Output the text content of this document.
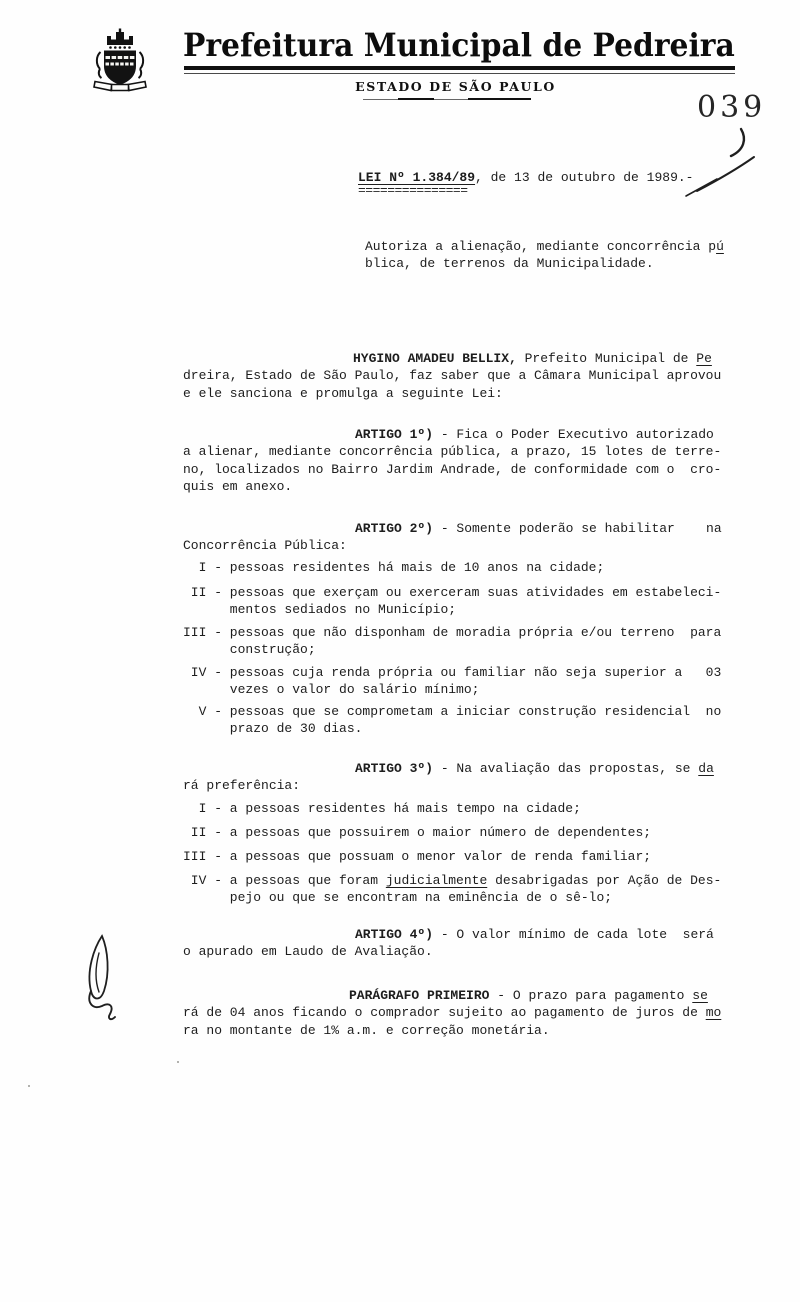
Prefeitura Municipal de Pedreira
ESTADO DE SÃO PAULO
039
LEI Nº 1.384/89, de 13 de outubro de 1989.-
===============
Autoriza a alienação, mediante concorrência pú
blica, de terrenos da Municipalidade.
HYGINO AMADEU BELLIX, Prefeito Municipal de Pe
dreira, Estado de São Paulo, faz saber que a Câmara Municipal aprovou
e ele sanciona e promulga a seguinte Lei:
ARTIGO 1º) - Fica o Poder Executivo autorizado
a alienar, mediante concorrência pública, a prazo, 15 lotes de terre-
no, localizados no Bairro Jardim Andrade, de conformidade com o  cro-
quis em anexo.
ARTIGO 2º) - Somente poderão se habilitar    na
Concorrência Pública:
I - pessoas residentes há mais de 10 anos na cidade;
II - pessoas que exerçam ou exerceram suas atividades em estabeleci-
mentos sediados no Município;
III - pessoas que não disponham de moradia própria e/ou terreno  para
construção;
IV - pessoas cuja renda própria ou familiar não seja superior a   03
vezes o valor do salário mínimo;
V - pessoas que se comprometam a iniciar construção residencial  no
prazo de 30 dias.
ARTIGO 3º) - Na avaliação das propostas, se da
rá preferência:
I - a pessoas residentes há mais tempo na cidade;
II - a pessoas que possuirem o maior número de dependentes;
III - a pessoas que possuam o menor valor de renda familiar;
IV - a pessoas que foram judicialmente desabrigadas por Ação de Des-
pejo ou que se encontram na eminência de o sê-lo;
ARTIGO 4º) - O valor mínimo de cada lote  será
o apurado em Laudo de Avaliação.
PARÁGRAFO PRIMEIRO - O prazo para pagamento se
rá de 04 anos ficando o comprador sujeito ao pagamento de juros de mo
ra no montante de 1% a.m. e correção monetária.
